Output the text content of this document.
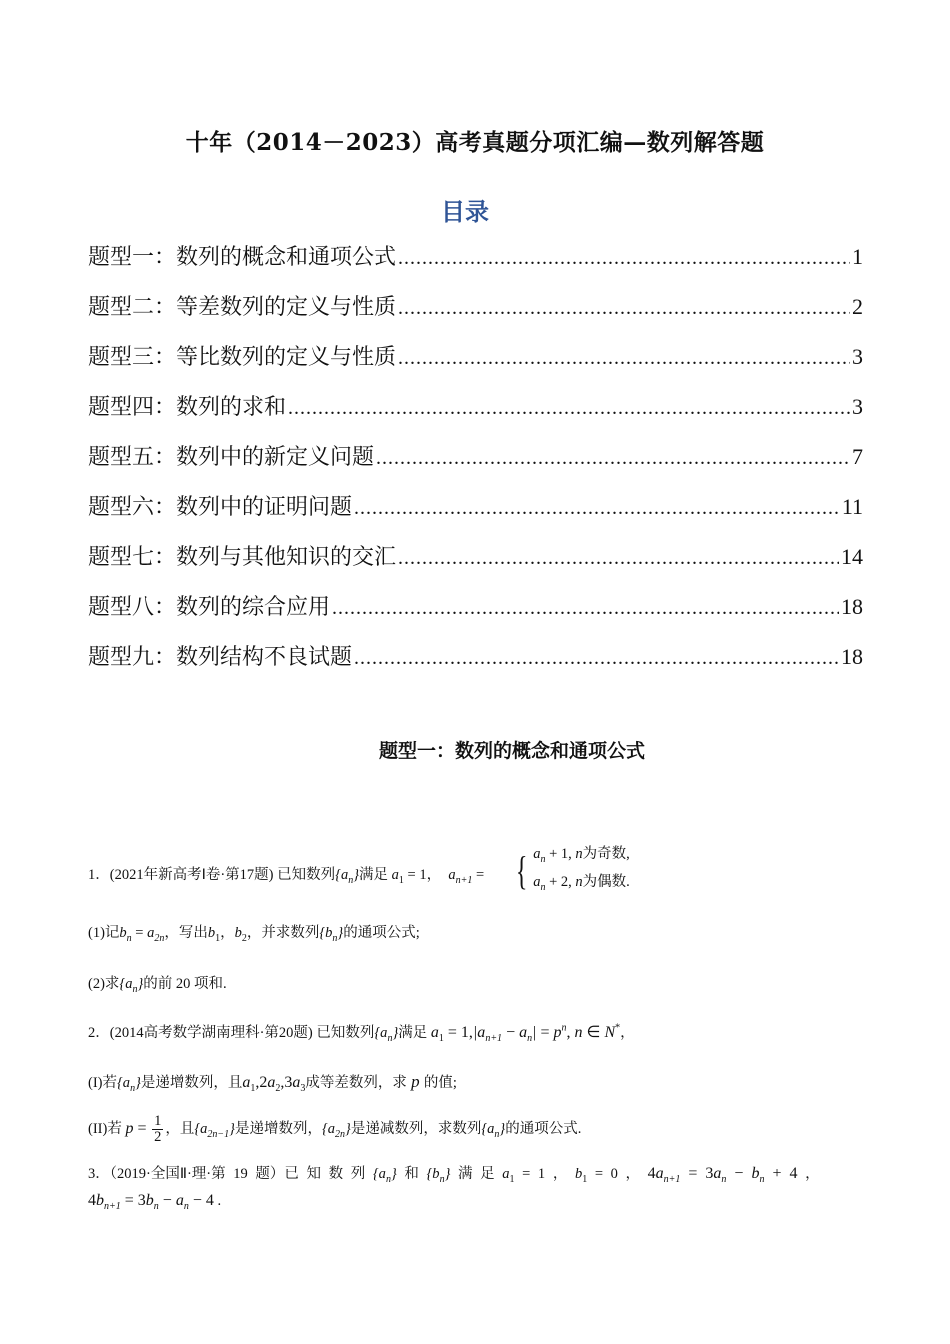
十年（2014－2023）高考真题分项汇编—数列解答题
目录
题型一：数列的概念和通项公式 .....	1
题型二：等差数列的定义与性质 .....	2
题型三：等比数列的定义与性质 .....	3
题型四：数列的求和 .....	3
题型五：数列中的新定义问题 .....	7
题型六：数列中的证明问题 .....	11
题型七：数列与其他知识的交汇 .....	14
题型八：数列的综合应用 .....	18
题型九：数列结构不良试题 .....	18
题型一：数列的概念和通项公式
1．(2021年新高考Ⅰ卷·第17题) 已知数列$\{a_n\}$满足 $a_1 = 1$，  $a_{n+1}$ = { $a_n + 1$, n为奇数,
$a_n + 2$, n为偶数.
(1)记$b_n = a_{2n}$，写出$b_1$，$b_2$，并求数列$\{b_n\}$的通项公式;
(2)求$\{a_n\}$的前 20 项和.
2．(2014高考数学湖南理科·第20题) 已知数列$\{a_n\}$满足 $a_1 = 1,|a_{n+1} - a_n| = p^n$, n ∈ N*，
(I)若$\{a_n\}$是递增数列，且$a_1,2a_2,3a_3$成等差数列，求 p 的值;
(II)若 $p = \frac{1}{2}$ ，且$\{a_{2n-1}\}$是递增数列，$\{a_{2n}\}$是递减数列，求数列$\{a_n\}$的通项公式.
3．（2019·全国Ⅱ·理·第 19 题）已 知 数 列 $\{a_n\}$ 和 $\{b_n\}$ 满 足 $a_1 = 1$ ， $b_1 = 0$ ， $4a_{n+1} = 3a_n - b_n + 4$ ，
$4b_{n+1} = 3b_n - a_n - 4$ .
